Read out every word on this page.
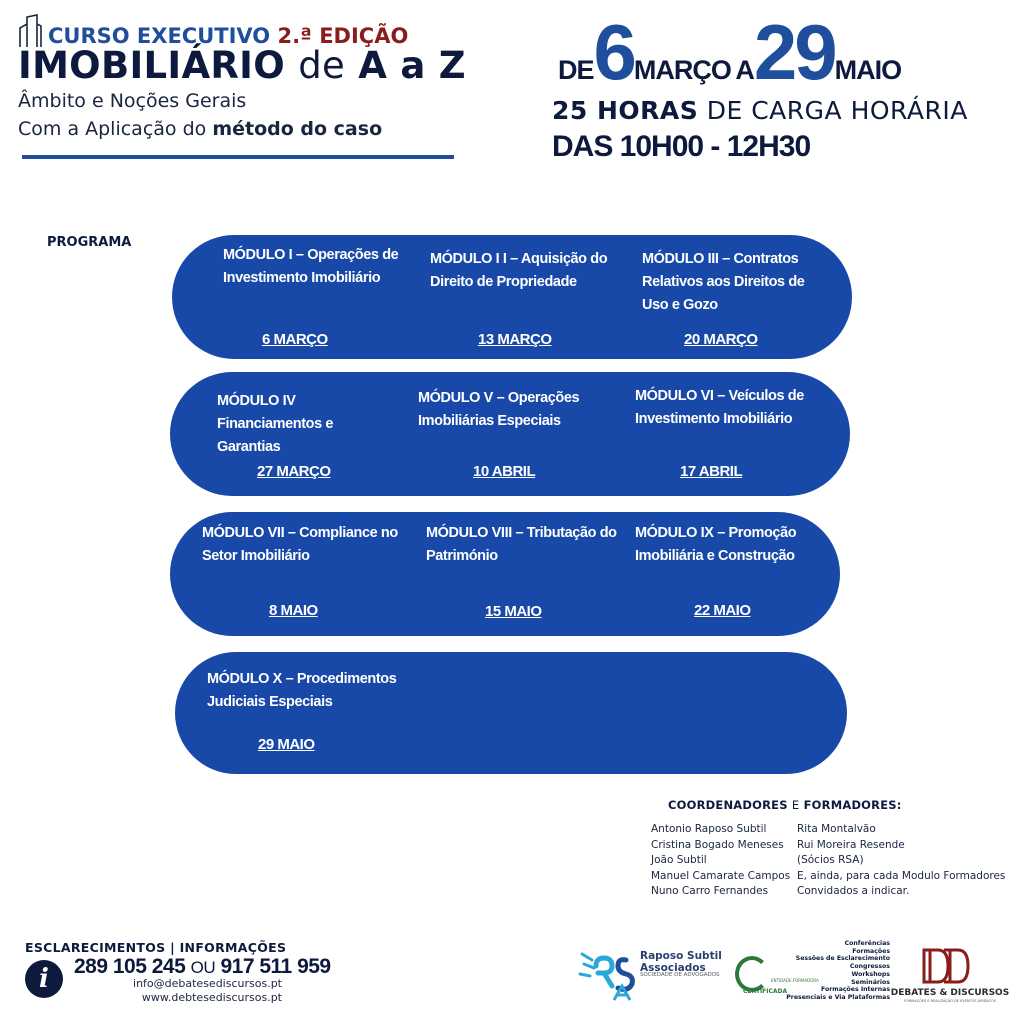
CURSO EXECUTIVO 2.ª EDIÇÃO
IMOBILIÁRIO de A a Z
Âmbito e Noções Gerais
Com a Aplicação do método do caso
DE6MARÇO A29MAIO
25 HORAS DE CARGA HORÁRIA
DAS 10H00 - 12H30
PROGRAMA
MÓDULO I – Operações de Investimento Imobiliário
6 MARÇO
MÓDULO I I – Aquisição do Direito de Propriedade
13 MARÇO
MÓDULO III – Contratos Relativos aos Direitos de Uso e Gozo
20 MARÇO
MÓDULO IV Financiamentos e Garantias
27 MARÇO
MÓDULO V – Operações Imobiliárias Especiais
10 ABRIL
MÓDULO VI – Veículos de Investimento Imobiliário
17 ABRIL
MÓDULO VII – Compliance no Setor Imobiliário
8 MAIO
MÓDULO VIII – Tributação do Património
15 MAIO
MÓDULO IX – Promoção Imobiliária e Construção
22 MAIO
MÓDULO X – Procedimentos Judiciais Especiais
29 MAIO
COORDENADORES E FORMADORES:
Antonio Raposo Subtil
Cristina Bogado Meneses
João Subtil
Manuel Camarate Campos
Nuno Carro Fernandes
Rita Montalvão
Rui Moreira Resende
(Sócios RSA)
E, ainda, para cada Modulo Formadores
Convidados a indicar.
ESCLARECIMENTOS | INFORMAÇÕES
i	289 105 245 OU 917 511 959
info@debatesediscursos.pt
www.debtesediscursos.pt
Raposo Subtil
Associados
SOCIEDADE DE ADVOGADOS
ENTIDADE FORMADORA
CERTIFICADA
Conferências
Formações
Sessões de Esclarecimento
Congressos
Workshops
Seminários
Formações Internas
Presenciais e Via Plataformas DEBATES & DISCURSOS
FORMAÇÕES E REALIZAÇÃO DE EVENTOS JURÍDICOS
